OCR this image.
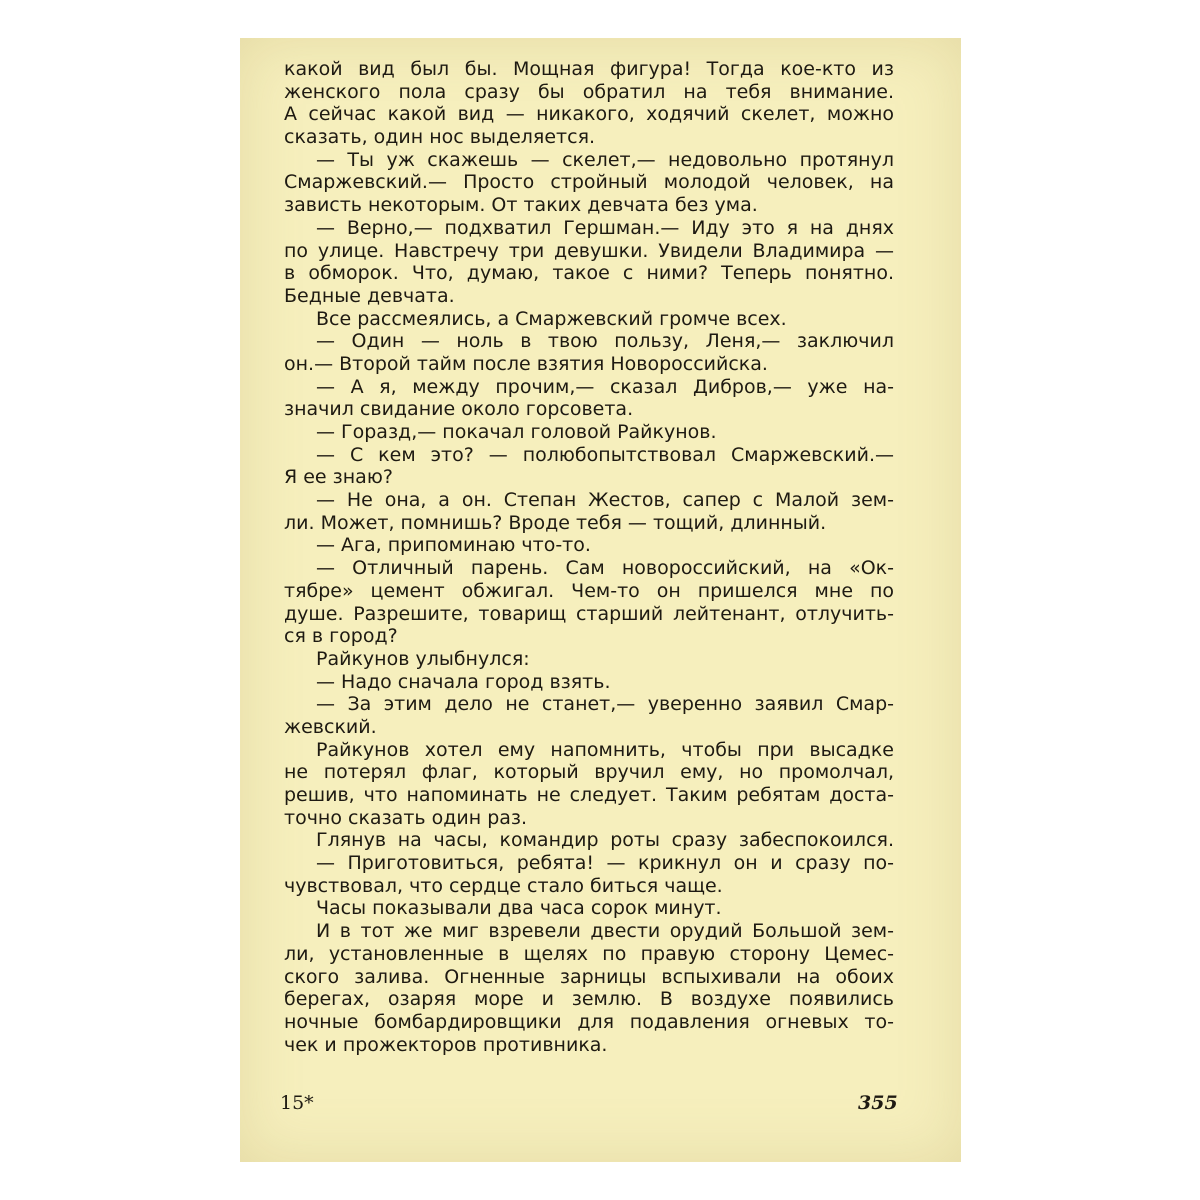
какой вид был бы. Мощная фигура! Тогда кое-кто из
женского пола сразу бы обратил на тебя внимание.
А сейчас какой вид — никакого, ходячий скелет, можно
сказать, один нос выделяется.
— Ты уж скажешь — скелет,— недовольно протянул
Смаржевский.— Просто стройный молодой человек, на
зависть некоторым. От таких девчата без ума.
— Верно,— подхватил Гершман.— Иду это я на днях
по улице. Навстречу три девушки. Увидели Владимира —
в обморок. Что, думаю, такое с ними? Теперь понятно.
Бедные девчата.
Все рассмеялись, а Смаржевский громче всех.
— Один — ноль в твою пользу, Леня,— заключил
он.— Второй тайм после взятия Новороссийска.
— А я, между прочим,— сказал Дибров,— уже на-
значил свидание около горсовета.
— Горазд,— покачал головой Райкунов.
— С кем это? — полюбопытствовал Смаржевский.—
Я ее знаю?
— Не она, а он. Степан Жестов, сапер с Малой зем-
ли. Может, помнишь? Вроде тебя — тощий, длинный.
— Ага, припоминаю что-то.
— Отличный парень. Сам новороссийский, на «Ок-
тябре» цемент обжигал. Чем-то он пришелся мне по
душе. Разрешите, товарищ старший лейтенант, отлучить-
ся в город?
Райкунов улыбнулся:
— Надо сначала город взять.
— За этим дело не станет,— уверенно заявил Смар-
жевский.
Райкунов хотел ему напомнить, чтобы при высадке
не потерял флаг, который вручил ему, но промолчал,
решив, что напоминать не следует. Таким ребятам доста-
точно сказать один раз.
Глянув на часы, командир роты сразу забеспокоился.
— Приготовиться, ребята! — крикнул он и сразу по-
чувствовал, что сердце стало биться чаще.
Часы показывали два часа сорок минут.
И в тот же миг взревели двести орудий Большой зем-
ли, установленные в щелях по правую сторону Цемес-
ского залива. Огненные зарницы вспыхивали на обоих
берегах, озаряя море и землю. В воздухе появились
ночные бомбардировщики для подавления огневых то-
чек и прожекторов противника.
15*	355
